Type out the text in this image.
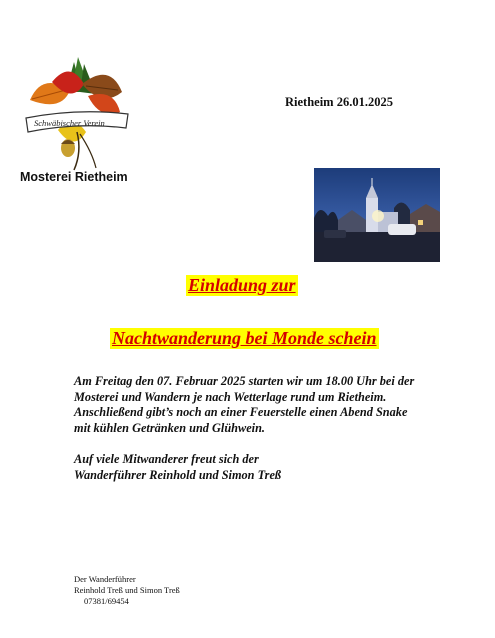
Schwäbischer Verein
Mosterei Rietheim
Rietheim 26.01.2025
Einladung zur
Nachtwanderung bei Monde schein
Am Freitag den 07. Februar 2025 starten wir um 18.00 Uhr bei der
Mosterei und Wandern je nach Wetterlage rund um Rietheim.
Anschließend gibt’s noch an einer Feuerstelle einen Abend Snake
mit kühlen Getränken und Glühwein.
Auf viele Mitwanderer freut sich der
Wanderführer Reinhold und Simon Treß
Der Wanderführer
Reinhold Treß und Simon Treß
07381/69454
